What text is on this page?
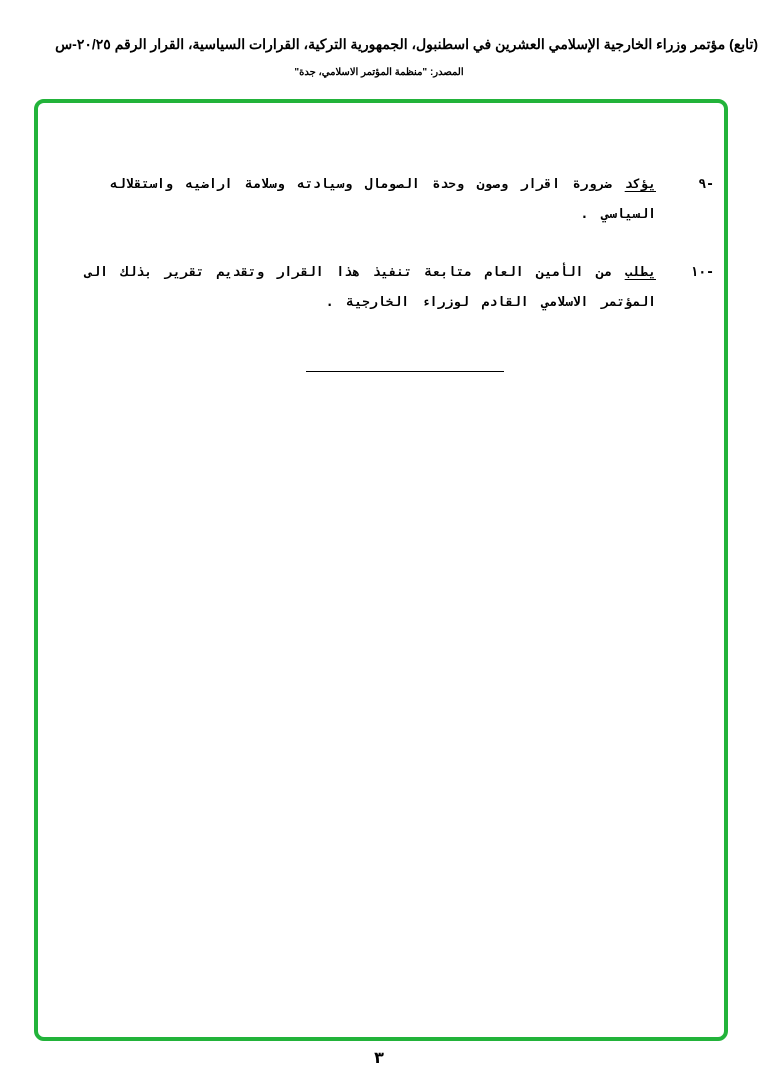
(تابع) مؤتمر وزراء الخارجية الإسلامي العشرين في اسطنبول، الجمهورية التركية، القرارات السياسية، القرار الرقم ٢٠/٢٥-س
المصدر: "منظمة المؤتمر الاسلامي، جدة"
-٩
يؤكد ضرورة اقرار وصون وحدة الصومال وسيادته وسلامة اراضيه واستقلاله السياسي .
-١٠
يطلب من الأمين العام متابعة تنفيذ هذا القرار وتقديم تقرير بذلك الى المؤتمر الاسلامي القادم لوزراء الخارجية .
٣
